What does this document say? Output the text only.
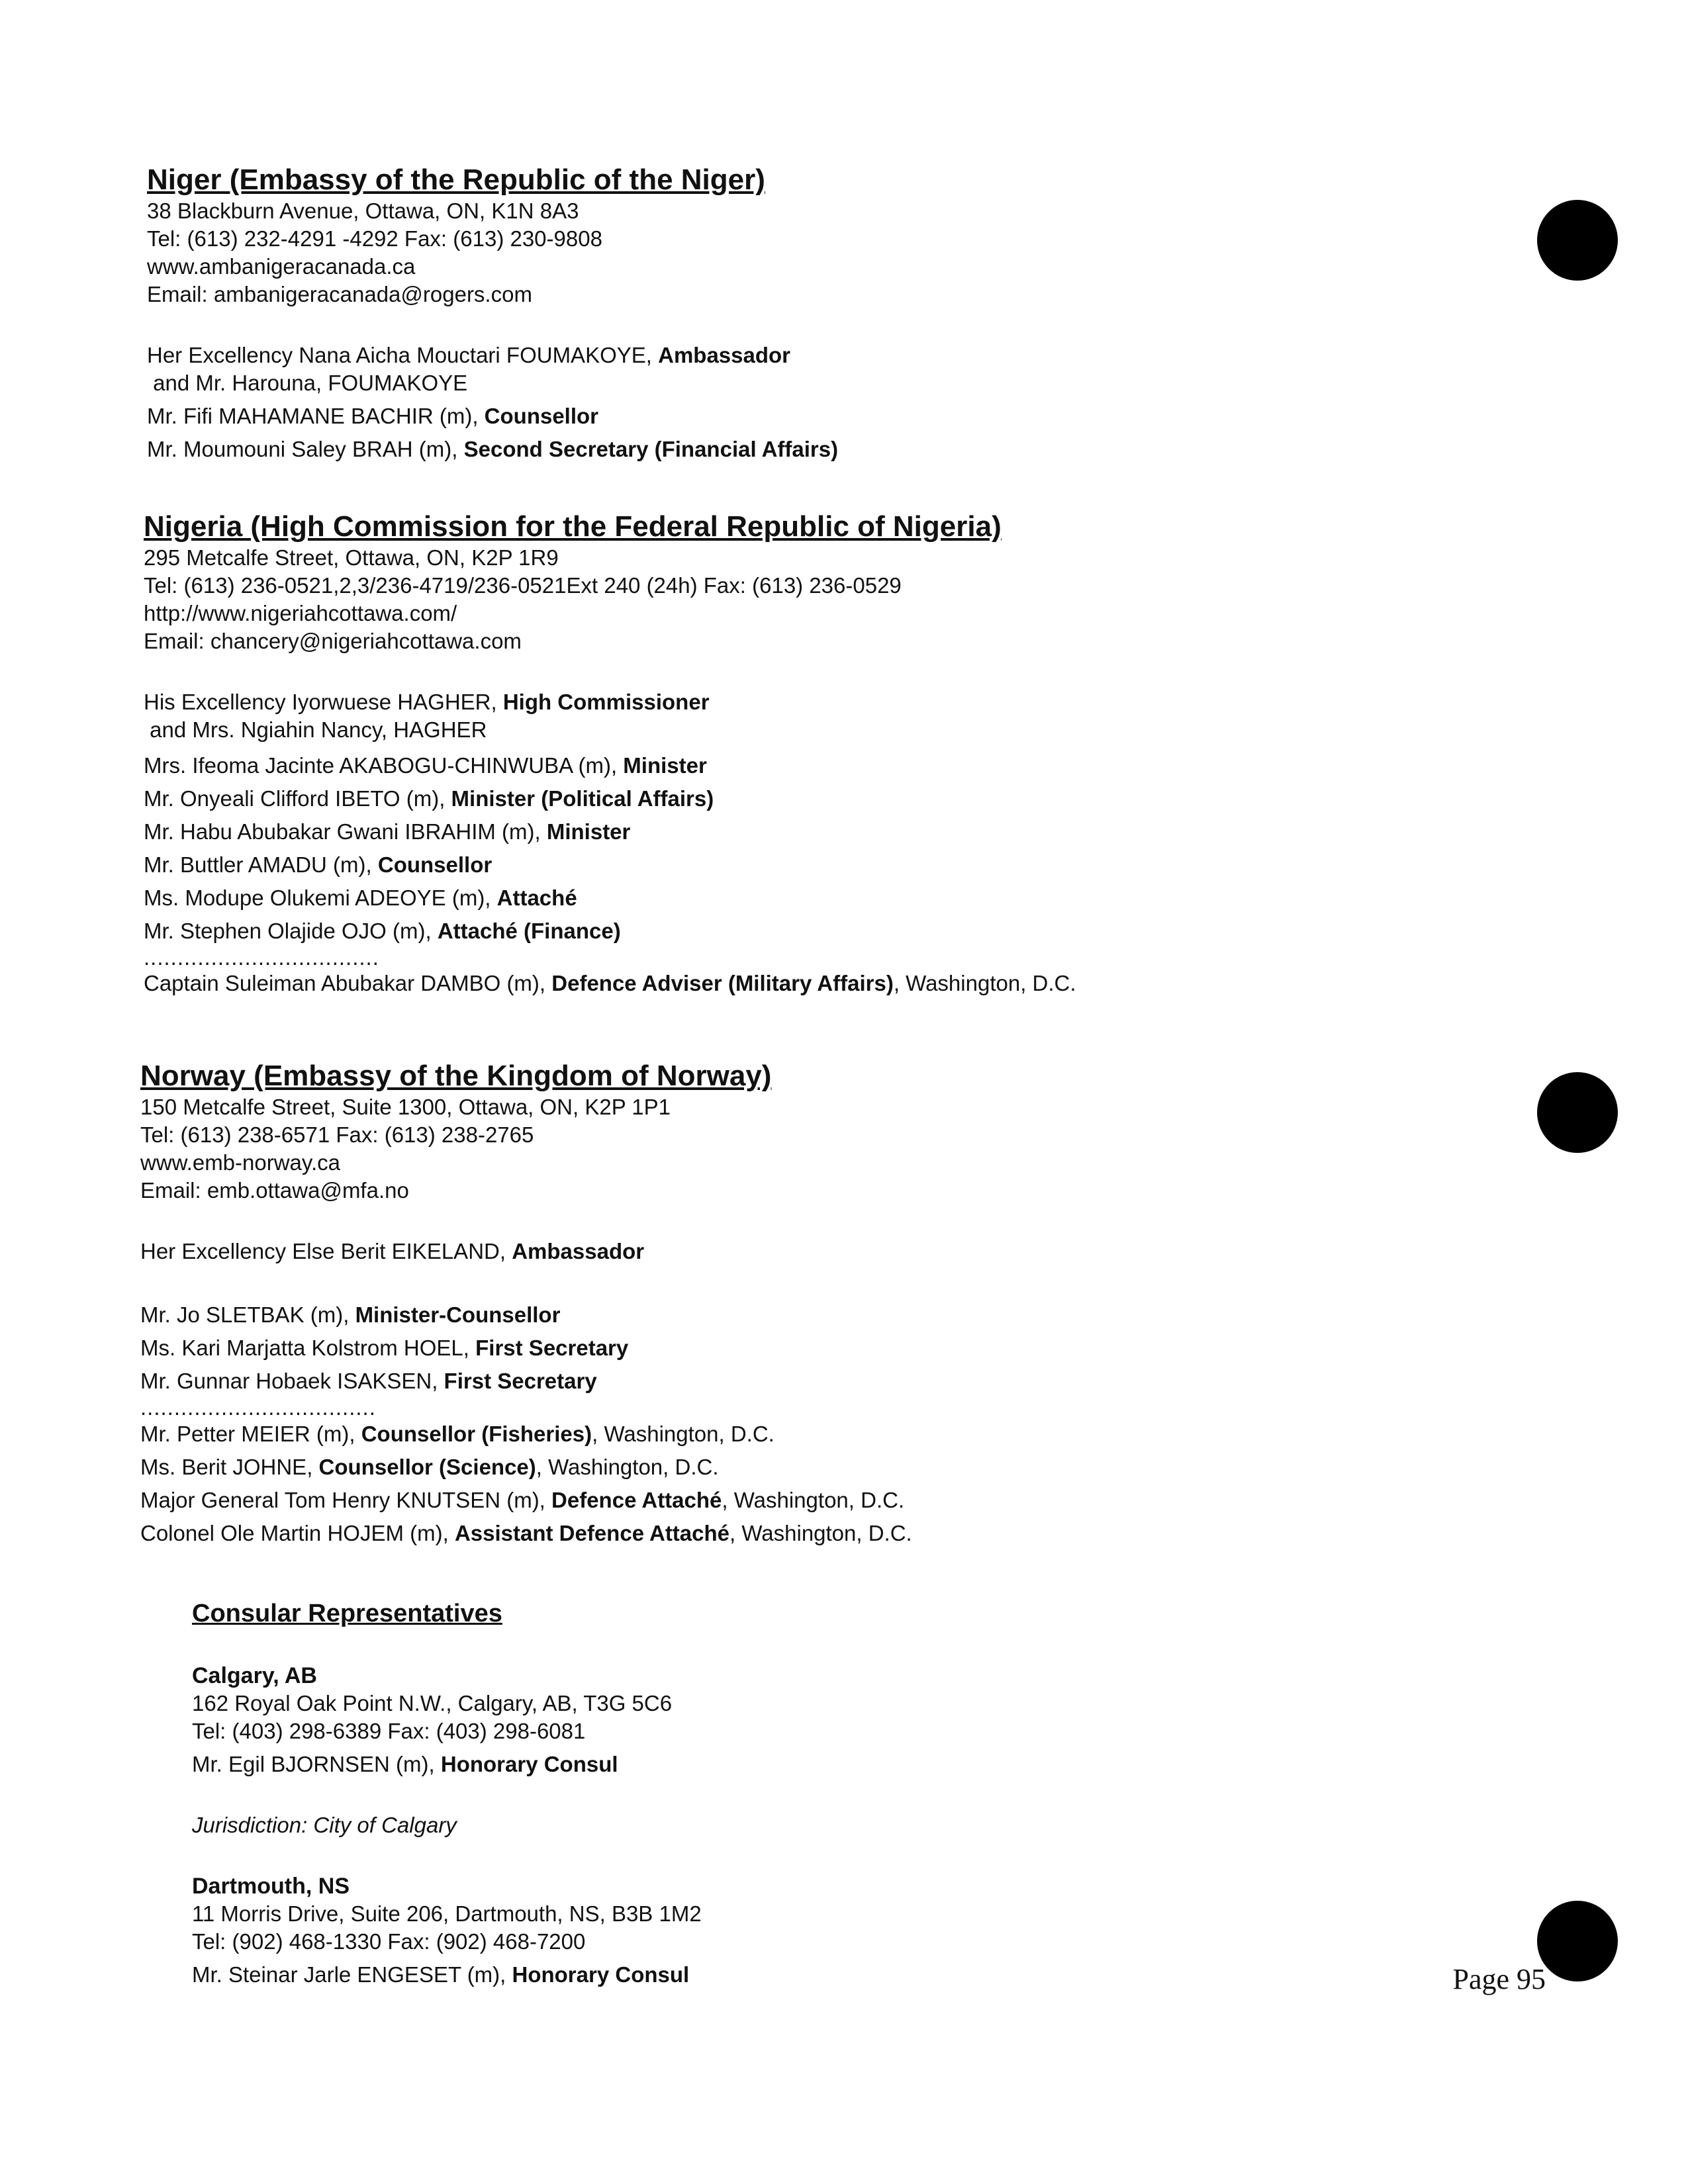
Niger (Embassy of the Republic of the Niger)
38 Blackburn Avenue, Ottawa, ON, K1N 8A3
Tel: (613) 232-4291 -4292 Fax: (613) 230-9808
www.ambanigeracanada.ca
Email: ambanigeracanada@rogers.com
Her Excellency Nana Aicha Mouctari FOUMAKOYE, Ambassador
and Mr. Harouna, FOUMAKOYE
Mr. Fifi MAHAMANE BACHIR (m), Counsellor
Mr. Moumouni Saley BRAH (m), Second Secretary (Financial Affairs)
Nigeria (High Commission for the Federal Republic of Nigeria)
295 Metcalfe Street, Ottawa, ON, K2P 1R9
Tel: (613) 236-0521,2,3/236-4719/236-0521Ext 240 (24h) Fax: (613) 236-0529
http://www.nigeriahcottawa.com/
Email: chancery@nigeriahcottawa.com
His Excellency Iyorwuese HAGHER, High Commissioner
and Mrs. Ngiahin Nancy, HAGHER
Mrs. Ifeoma Jacinte AKABOGU-CHINWUBA (m), Minister
Mr. Onyeali Clifford IBETO (m), Minister (Political Affairs)
Mr. Habu Abubakar Gwani IBRAHIM (m), Minister
Mr. Buttler AMADU (m), Counsellor
Ms. Modupe Olukemi ADEOYE (m), Attaché
Mr. Stephen Olajide OJO (m), Attaché (Finance)
...................................
Captain Suleiman Abubakar DAMBO (m), Defence Adviser (Military Affairs), Washington, D.C.
Norway (Embassy of the Kingdom of Norway)
150 Metcalfe Street, Suite 1300, Ottawa, ON, K2P 1P1
Tel: (613) 238-6571 Fax: (613) 238-2765
www.emb-norway.ca
Email: emb.ottawa@mfa.no
Her Excellency Else Berit EIKELAND, Ambassador
Mr. Jo SLETBAK (m), Minister-Counsellor
Ms. Kari Marjatta Kolstrom HOEL, First Secretary
Mr. Gunnar Hobaek ISAKSEN, First Secretary
...................................
Mr. Petter MEIER (m), Counsellor (Fisheries), Washington, D.C.
Ms. Berit JOHNE, Counsellor (Science), Washington, D.C.
Major General Tom Henry KNUTSEN (m), Defence Attaché, Washington, D.C.
Colonel Ole Martin HOJEM (m), Assistant Defence Attaché, Washington, D.C.
Consular Representatives
Calgary, AB
162 Royal Oak Point N.W., Calgary, AB, T3G 5C6
Tel: (403) 298-6389 Fax: (403) 298-6081
Mr. Egil BJORNSEN (m), Honorary Consul
Jurisdiction: City of Calgary
Dartmouth, NS
11 Morris Drive, Suite 206, Dartmouth, NS, B3B 1M2
Tel: (902) 468-1330 Fax: (902) 468-7200
Mr. Steinar Jarle ENGESET (m), Honorary Consul	Page 95
